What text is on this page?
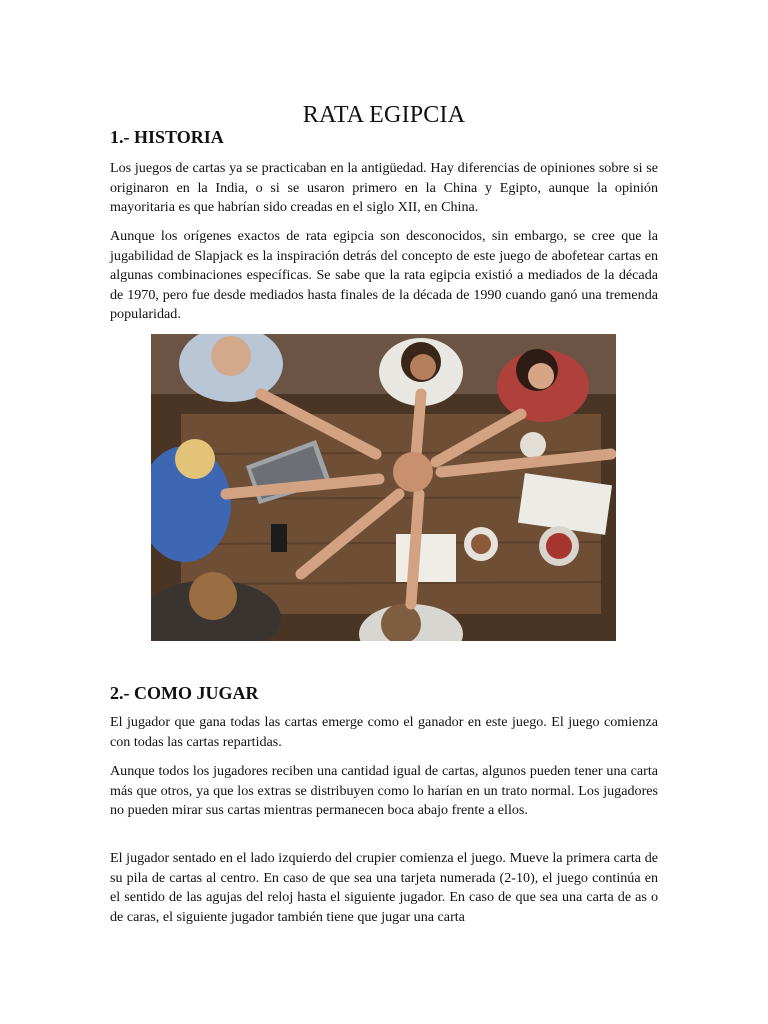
RATA EGIPCIA
1.- HISTORIA

Los juegos de cartas ya se practicaban en la antigüedad. Hay diferencias de opiniones sobre si se originaron en la India, o si se usaron primero en la China y Egipto, aunque la opinión mayoritaria es que habrían sido creadas en el siglo XII, en China.

Aunque los orígenes exactos de rata egipcia son desconocidos, sin embargo, se cree que la jugabilidad de Slapjack es la inspiración detrás del concepto de este juego de abofetear cartas en algunas combinaciones específicas. Se sabe que la rata egipcia existió a mediados de la década de 1970, pero fue desde mediados hasta finales de la década de 1990 cuando ganó una tremenda popularidad.

2.- COMO JUGAR

El jugador que gana todas las cartas emerge como el ganador en este juego. El juego comienza con todas las cartas repartidas.

Aunque todos los jugadores reciben una cantidad igual de cartas, algunos pueden tener una carta más que otros, ya que los extras se distribuyen como lo harían en un trato normal. Los jugadores no pueden mirar sus cartas mientras permanecen boca abajo frente a ellos.

El jugador sentado en el lado izquierdo del crupier comienza el juego. Mueve la primera carta de su pila de cartas al centro. En caso de que sea una tarjeta numerada (2-10), el juego continúa en el sentido de las agujas del reloj hasta el siguiente jugador. En caso de que sea una carta de as o de caras, el siguiente jugador también tiene que jugar una carta
